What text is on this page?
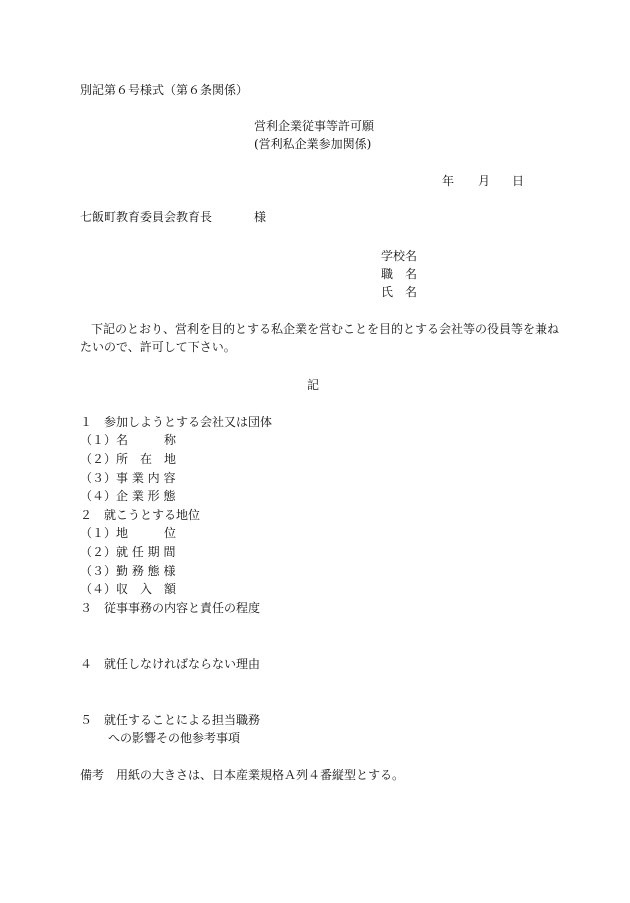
別記第６号様式（第６条関係）
営利企業従事等許可願
(営利私企業参加関係)
年 月 日
七飯町教育委員会教育長	様
学校名
職　名
氏　名
下記のとおり、営利を目的とする私企業を営むことを目的とする会社等の役員等を兼ね
たいので、許可して下さい。
記
１　参加しようとする会社又は団体
（１）名　　　称
（２）所　在　地
（３）事 業 内 容
（４）企 業 形 態
２　就こうとする地位
（１）地　　　位
（２）就 任 期 間
（３）勤 務 態 様
（４）収　入　額
３　従事事務の内容と責任の程度
４　就任しなければならない理由
５　就任することによる担当職務
への影響その他参考事項
備考　用紙の大きさは、日本産業規格Ａ列４番縦型とする。
